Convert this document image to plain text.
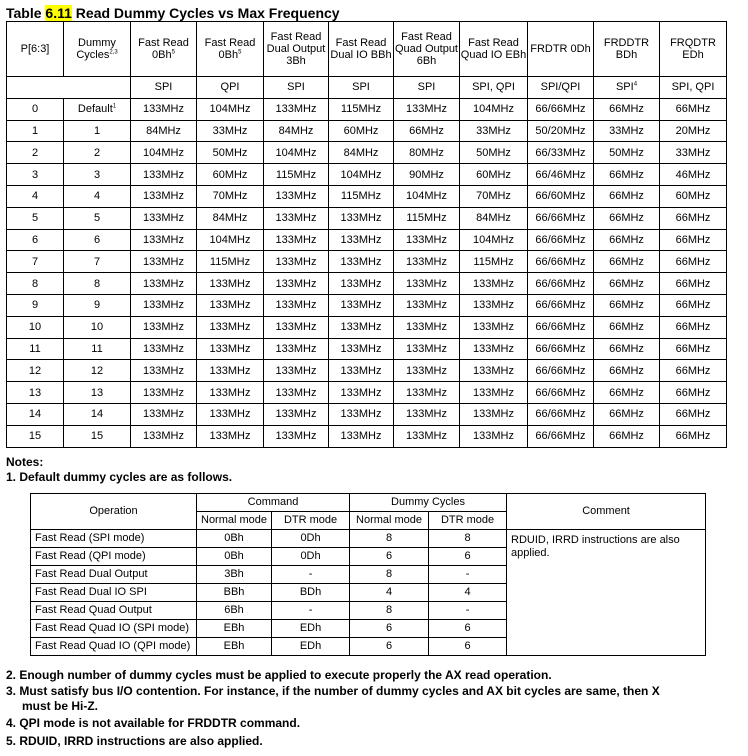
Table 6.11 Read Dummy Cycles vs Max Frequency
P[6:3]	Dummy Cycles$^{2,3}$	Fast Read 0Bh$^5$	Fast Read 0Bh$^5$	Fast Read Dual Output 3Bh	Fast Read Dual IO BBh	Fast Read Quad Output 6Bh	Fast Read Quad IO EBh	FRDTR 0Dh	FRDDTR BDh	FRQDTR EDh
		SPI	QPI	SPI	SPI	SPI	SPI, QPI	SPI/QPI	SPI$^4$	SPI, QPI
0	Default$^1$	133MHz	104MHz	133MHz	115MHz	133MHz	104MHz	66/66MHz	66MHz	66MHz
1	1	84MHz	33MHz	84MHz	60MHz	66MHz	33MHz	50/20MHz	33MHz	20MHz
2	2	104MHz	50MHz	104MHz	84MHz	80MHz	50MHz	66/33MHz	50MHz	33MHz
3	3	133MHz	60MHz	115MHz	104MHz	90MHz	60MHz	66/46MHz	66MHz	46MHz
4	4	133MHz	70MHz	133MHz	115MHz	104MHz	70MHz	66/60MHz	66MHz	60MHz
5	5	133MHz	84MHz	133MHz	133MHz	115MHz	84MHz	66/66MHz	66MHz	66MHz
6	6	133MHz	104MHz	133MHz	133MHz	133MHz	104MHz	66/66MHz	66MHz	66MHz
7	7	133MHz	115MHz	133MHz	133MHz	133MHz	115MHz	66/66MHz	66MHz	66MHz
8	8	133MHz	133MHz	133MHz	133MHz	133MHz	133MHz	66/66MHz	66MHz	66MHz
9	9	133MHz	133MHz	133MHz	133MHz	133MHz	133MHz	66/66MHz	66MHz	66MHz
10	10	133MHz	133MHz	133MHz	133MHz	133MHz	133MHz	66/66MHz	66MHz	66MHz
11	11	133MHz	133MHz	133MHz	133MHz	133MHz	133MHz	66/66MHz	66MHz	66MHz
12	12	133MHz	133MHz	133MHz	133MHz	133MHz	133MHz	66/66MHz	66MHz	66MHz
13	13	133MHz	133MHz	133MHz	133MHz	133MHz	133MHz	66/66MHz	66MHz	66MHz
14	14	133MHz	133MHz	133MHz	133MHz	133MHz	133MHz	66/66MHz	66MHz	66MHz
15	15	133MHz	133MHz	133MHz	133MHz	133MHz	133MHz	66/66MHz	66MHz	66MHz
Notes:
1. Default dummy cycles are as follows.
Operation	Command		Dummy Cycles		Comment
	Normal mode	DTR mode	Normal mode	DTR mode	
Fast Read (SPI mode)	0Bh	0Dh	8	8	RDUID, IRRD instructions are also applied.
Fast Read (QPI mode)	0Bh	0Dh	6	6	
Fast Read Dual Output	3Bh	-	8	-	
Fast Read Dual IO SPI	BBh	BDh	4	4	
Fast Read Quad Output	6Bh	-	8	-	
Fast Read Quad IO (SPI mode)	EBh	EDh	6	6	
Fast Read Quad IO (QPI mode)	EBh	EDh	6	6	
2. Enough number of dummy cycles must be applied to execute properly the AX read operation.
3. Must satisfy bus I/O contention. For instance, if the number of dummy cycles and AX bit cycles are same, then X
must be Hi-Z.
4. QPI mode is not available for FRDDTR command.
5. RDUID, IRRD instructions are also applied.
